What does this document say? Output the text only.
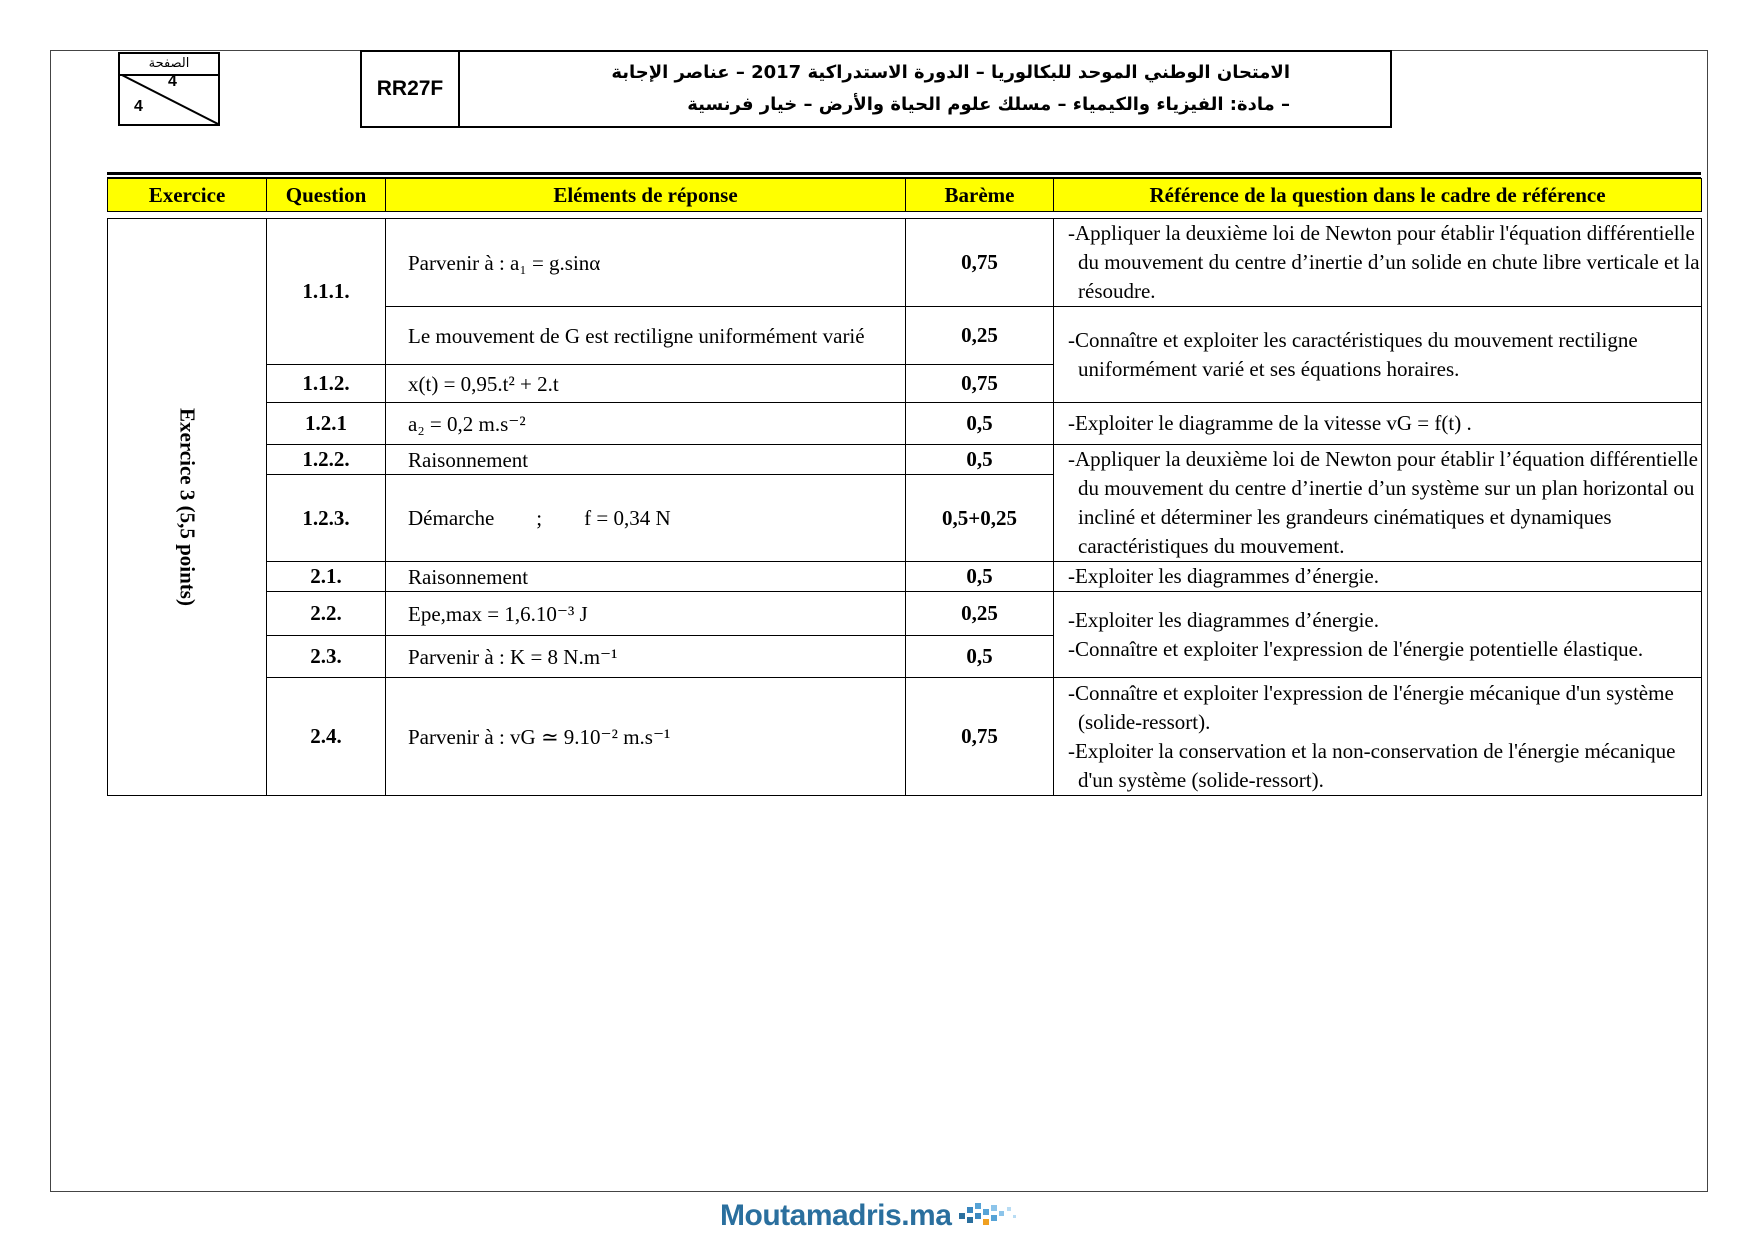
الصفحة
4
4
RR27F
الامتحان الوطني الموحد للبكالوريا – الدورة الاستدراكية 2017 – عناصر الإجابة
– مادة: الفيزياء والكيمياء – مسلك علوم الحياة والأرض – خيار فرنسية
Exercice	Question	Eléments de réponse	Barème	Référence de la question dans le cadre de référence

Exercice 3 (5,5 points)	1.1.1.	Parvenir à : a₁ = g.sinα	0,75	-Appliquer la deuxième loi de Newton pour établir l'équation différentielle du mouvement du centre d’inertie d’un solide en chute libre verticale et la résoudre.

		Le mouvement de G est rectiligne uniformément varié	0,25	-Connaître et exploiter les caractéristiques du mouvement rectiligne uniformément varié et ses équations horaires.

	1.1.2.	x(t) = 0,95.t² + 2.t	0,75	
	1.2.1	a₂ = 0,2 m.s⁻²	0,5	-Exploiter le diagramme de la vitesse vG = f(t) .

	1.2.2.	Raisonnement	0,5	-Appliquer la deuxième loi de Newton pour établir l’équation différentielle du mouvement du centre d’inertie d’un système sur un plan horizontal ou incliné et déterminer les grandeurs cinématiques et dynamiques caractéristiques du mouvement.

	1.2.3.	Démarche        ;        f = 0,34 N	0,5+0,25	
	2.1.	Raisonnement	0,5	-Exploiter les diagrammes d’énergie.

	2.2.	Epe,max = 1,6.10⁻³ J	0,25	-Exploiter les diagrammes d’énergie.

-Connaître et exploiter l'expression de l'énergie potentielle élastique.

	2.3.	Parvenir à : K = 8 N.m⁻¹	0,5	
	2.4.	Parvenir à : vG ≃ 9.10⁻² m.s⁻¹	0,75	-Connaître et exploiter l'expression de l'énergie mécanique d'un système (solide-ressort).

-Exploiter la conservation et la non-conservation de l'énergie mécanique d'un système (solide-ressort).

Moutamadris.ma
